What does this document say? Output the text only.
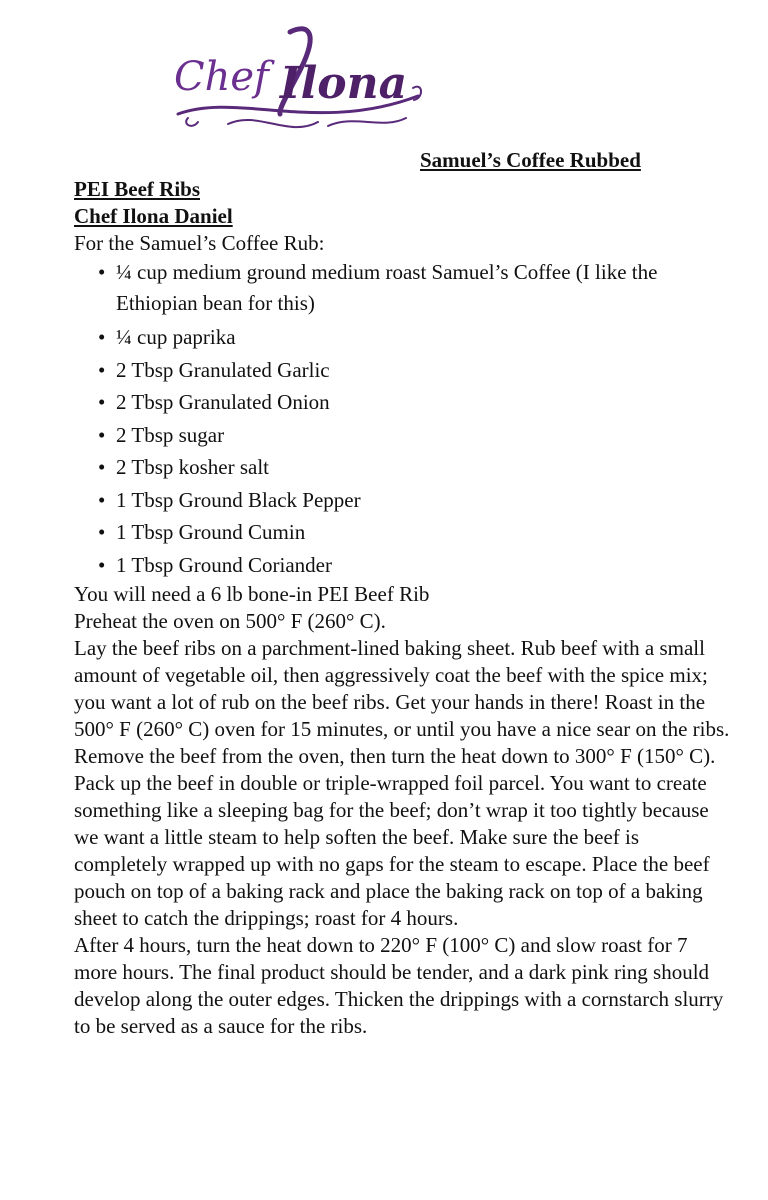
Chef Ilona
Samuel’s Coffee Rubbed
PEI Beef Ribs
Chef Ilona Daniel
For the Samuel’s Coffee Rub:
• ¼ cup medium ground medium roast Samuel’s Coffee (I like the Ethiopian bean for this)
• ¼ cup paprika
• 2 Tbsp Granulated Garlic
• 2 Tbsp Granulated Onion
• 2 Tbsp sugar
• 2 Tbsp kosher salt
• 1 Tbsp Ground Black Pepper
• 1 Tbsp Ground Cumin
• 1 Tbsp Ground Coriander

You will need a 6 lb bone-in PEI Beef Rib

Preheat the oven on 500° F (260° C).

Lay the beef ribs on a parchment-lined baking sheet. Rub beef with a small amount of vegetable oil, then aggressively coat the beef with the spice mix; you want a lot of rub on the beef ribs. Get your hands in there! Roast in the 500° F (260° C) oven for 15 minutes, or until you have a nice sear on the ribs. Remove the beef from the oven, then turn the heat down to 300° F (150° C). Pack up the beef in double or triple-wrapped foil parcel. You want to create something like a sleeping bag for the beef; don’t wrap it too tightly because we want a little steam to help soften the beef. Make sure the beef is completely wrapped up with no gaps for the steam to escape. Place the beef pouch on top of a baking rack and place the baking rack on top of a baking sheet to catch the drippings; roast for 4 hours.

After 4 hours, turn the heat down to 220° F (100° C) and slow roast for 7 more hours. The final product should be tender, and a dark pink ring should develop along the outer edges. Thicken the drippings with a cornstarch slurry to be served as a sauce for the ribs.
